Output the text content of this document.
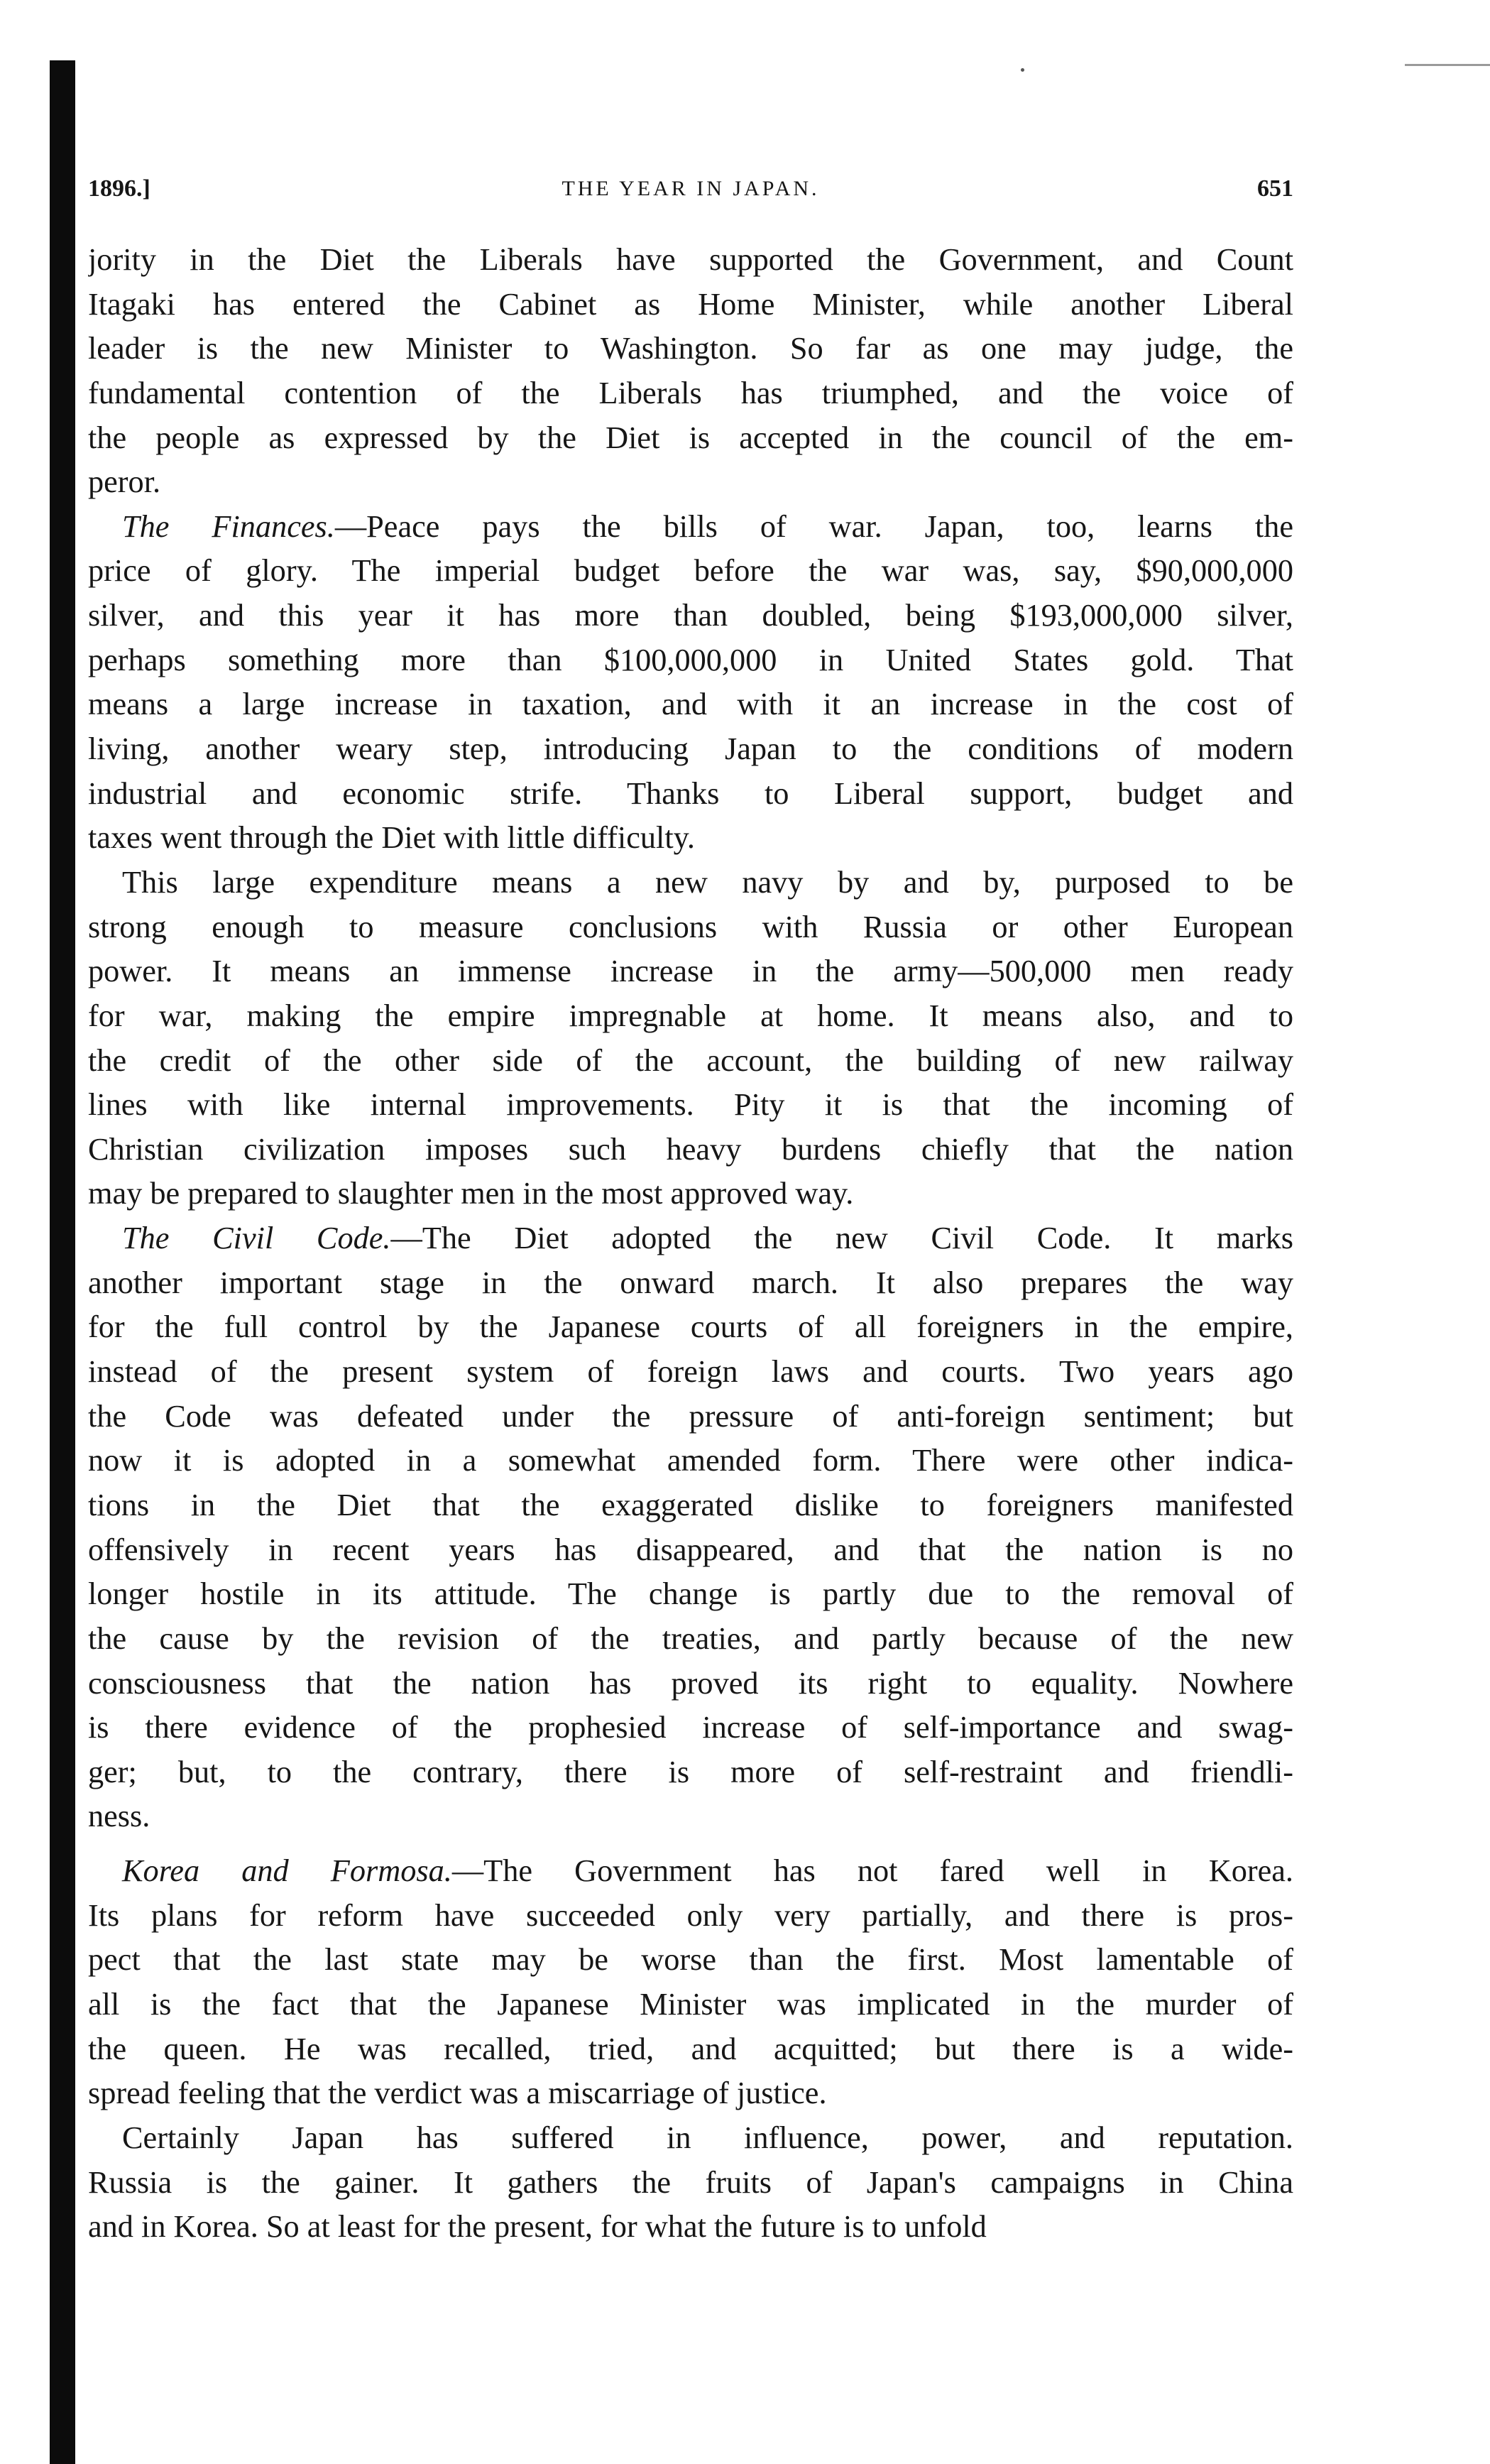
1896.]	THE YEAR IN JAPAN.	651
jority in the Diet the Liberals have supported the Government, and Count
Itagaki has entered the Cabinet as Home Minister, while another Liberal
leader is the new Minister to Washington. So far as one may judge, the
fundamental contention of the Liberals has triumphed, and the voice of
the people as expressed by the Diet is accepted in the council of the em-
peror.
The Finances.—Peace pays the bills of war. Japan, too, learns the
price of glory. The imperial budget before the war was, say, $90,000,000
silver, and this year it has more than doubled, being $193,000,000 silver,
perhaps something more than $100,000,000 in United States gold. That
means a large increase in taxation, and with it an increase in the cost of
living, another weary step, introducing Japan to the conditions of modern
industrial and economic strife. Thanks to Liberal support, budget and
taxes went through the Diet with little difficulty.
This large expenditure means a new navy by and by, purposed to be
strong enough to measure conclusions with Russia or other European
power. It means an immense increase in the army—500,000 men ready
for war, making the empire impregnable at home. It means also, and to
the credit of the other side of the account, the building of new railway
lines with like internal improvements. Pity it is that the incoming of
Christian civilization imposes such heavy burdens chiefly that the nation
may be prepared to slaughter men in the most approved way.
The Civil Code.—The Diet adopted the new Civil Code. It marks
another important stage in the onward march. It also prepares the way
for the full control by the Japanese courts of all foreigners in the empire,
instead of the present system of foreign laws and courts. Two years ago
the Code was defeated under the pressure of anti-foreign sentiment; but
now it is adopted in a somewhat amended form. There were other indica-
tions in the Diet that the exaggerated dislike to foreigners manifested
offensively in recent years has disappeared, and that the nation is no
longer hostile in its attitude. The change is partly due to the removal of
the cause by the revision of the treaties, and partly because of the new
consciousness that the nation has proved its right to equality. Nowhere
is there evidence of the prophesied increase of self-importance and swag-
ger; but, to the contrary, there is more of self-restraint and friendli-
ness.
Korea and Formosa.—The Government has not fared well in Korea.
Its plans for reform have succeeded only very partially, and there is pros-
pect that the last state may be worse than the first. Most lamentable of
all is the fact that the Japanese Minister was implicated in the murder of
the queen. He was recalled, tried, and acquitted; but there is a wide-
spread feeling that the verdict was a miscarriage of justice.
Certainly Japan has suffered in influence, power, and reputation.
Russia is the gainer. It gathers the fruits of Japan's campaigns in China
and in Korea. So at least for the present, for what the future is to unfold
